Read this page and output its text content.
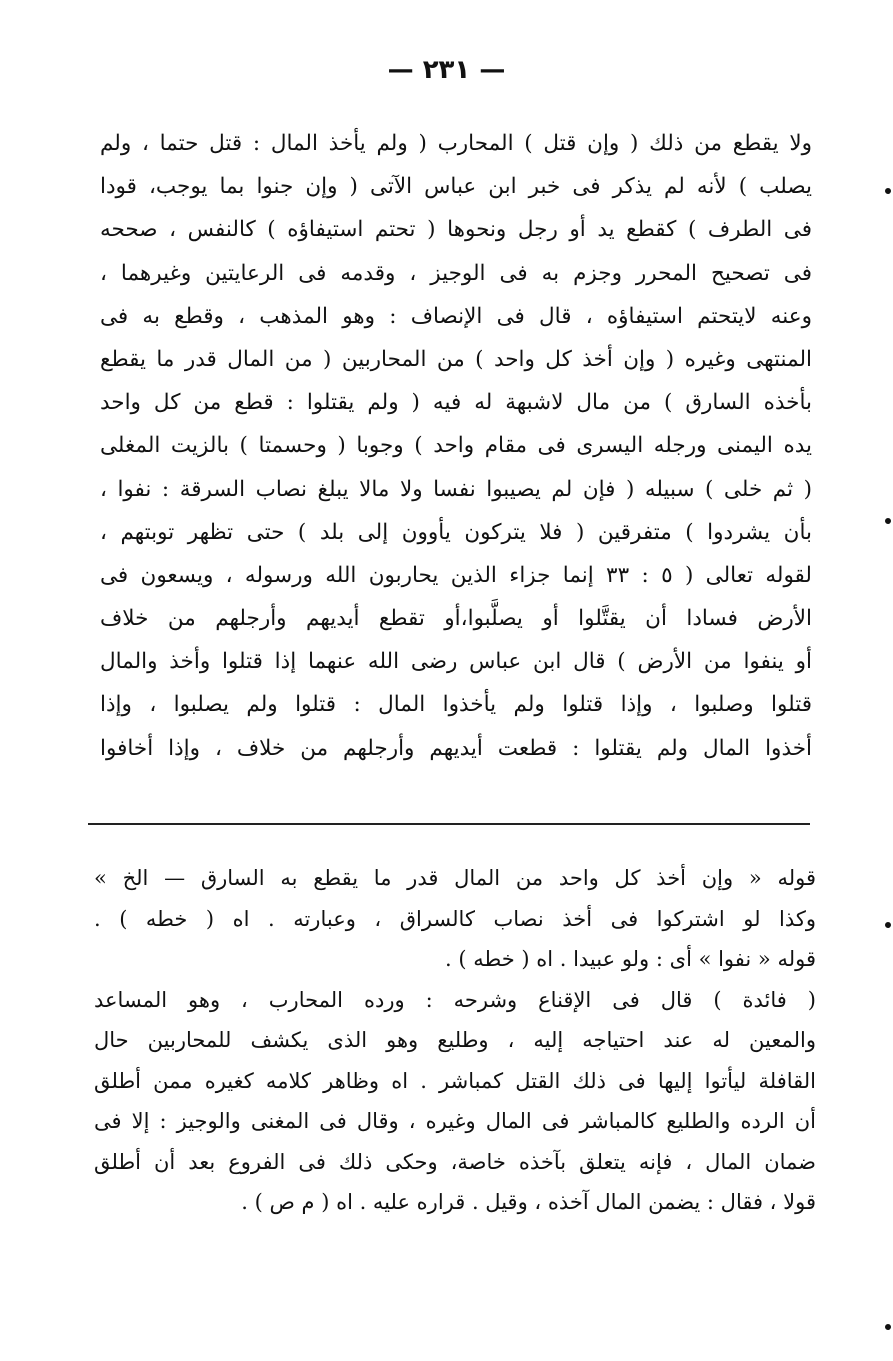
— ٢٣١ —
ولا يقطع من ذلك ( وإن قتل ) المحارب ( ولم يأخذ المال : قتل حتما ، ولم
يصلب ) لأنه لم يذكر فى خبر ابن عباس الآتى ( وإن جنوا بما يوجب، قودا
فى الطرف ) كقطع يد أو رجل ونحوها ( تحتم استيفاؤه ) كالنفس ، صححه
فى تصحيح المحرر وجزم به فى الوجيز ، وقدمه فى الرعايتين وغيرهما ،
وعنه لايتحتم استيفاؤه ، قال فى الإنصاف : وهو المذهب ، وقطع به فى
المنتهى وغيره ( وإن أخذ كل واحد ) من المحاربين ( من المال قدر ما يقطع
بأخذه السارق ) من مال لاشبهة له فيه ( ولم يقتلوا : قطع من كل واحد
يده اليمنى ورجله اليسرى فى مقام واحد ) وجوبا ( وحسمتا ) بالزيت المغلى
( ثم خلى ) سبيله ( فإن لم يصيبوا نفسا ولا مالا يبلغ نصاب السرقة : نفوا ،
بأن يشردوا ) متفرقين ( فلا يتركون يأوون إلى بلد ) حتى تظهر توبتهم ،
لقوله تعالى ( ٥ : ٣٣ إنما جزاء الذين يحاربون الله ورسوله ، ويسعون فى
الأرض فسادا أن يقتَّلوا أو يصلَّبوا،أو تقطع أيديهم وأرجلهم من خلاف
أو ينفوا من الأرض ) قال ابن عباس رضى الله عنهما إذا قتلوا وأخذ والمال
قتلوا وصلبوا ، وإذا قتلوا ولم يأخذوا المال : قتلوا ولم يصلبوا ، وإذا
أخذوا المال ولم يقتلوا : قطعت أيديهم وأرجلهم من خلاف ، وإذا أخافوا
قوله « وإن أخذ كل واحد من المال قدر ما يقطع به السارق — الخ »
وكذا لو اشتركوا فى أخذ نصاب كالسراق ، وعبارته . اه ( خطه ) .
قوله « نفوا » أى : ولو عبيدا . اه ( خطه ) .
( فائدة ) قال فى الإقناع وشرحه : ورده المحارب ، وهو المساعد
والمعين له عند احتياجه إليه ، وطليع وهو الذى يكشف للمحاربين حال
القافلة ليأتوا إليها فى ذلك القتل كمباشر . اه وظاهر كلامه كغيره ممن أطلق
أن الرده والطليع كالمباشر فى المال وغيره ، وقال فى المغنى والوجيز : إلا فى
ضمان المال ، فإنه يتعلق بآخذه خاصة، وحكى ذلك فى الفروع بعد أن أطلق
قولا ، فقال : يضمن المال آخذه ، وقيل . قراره عليه . اه ( م ص ) .
